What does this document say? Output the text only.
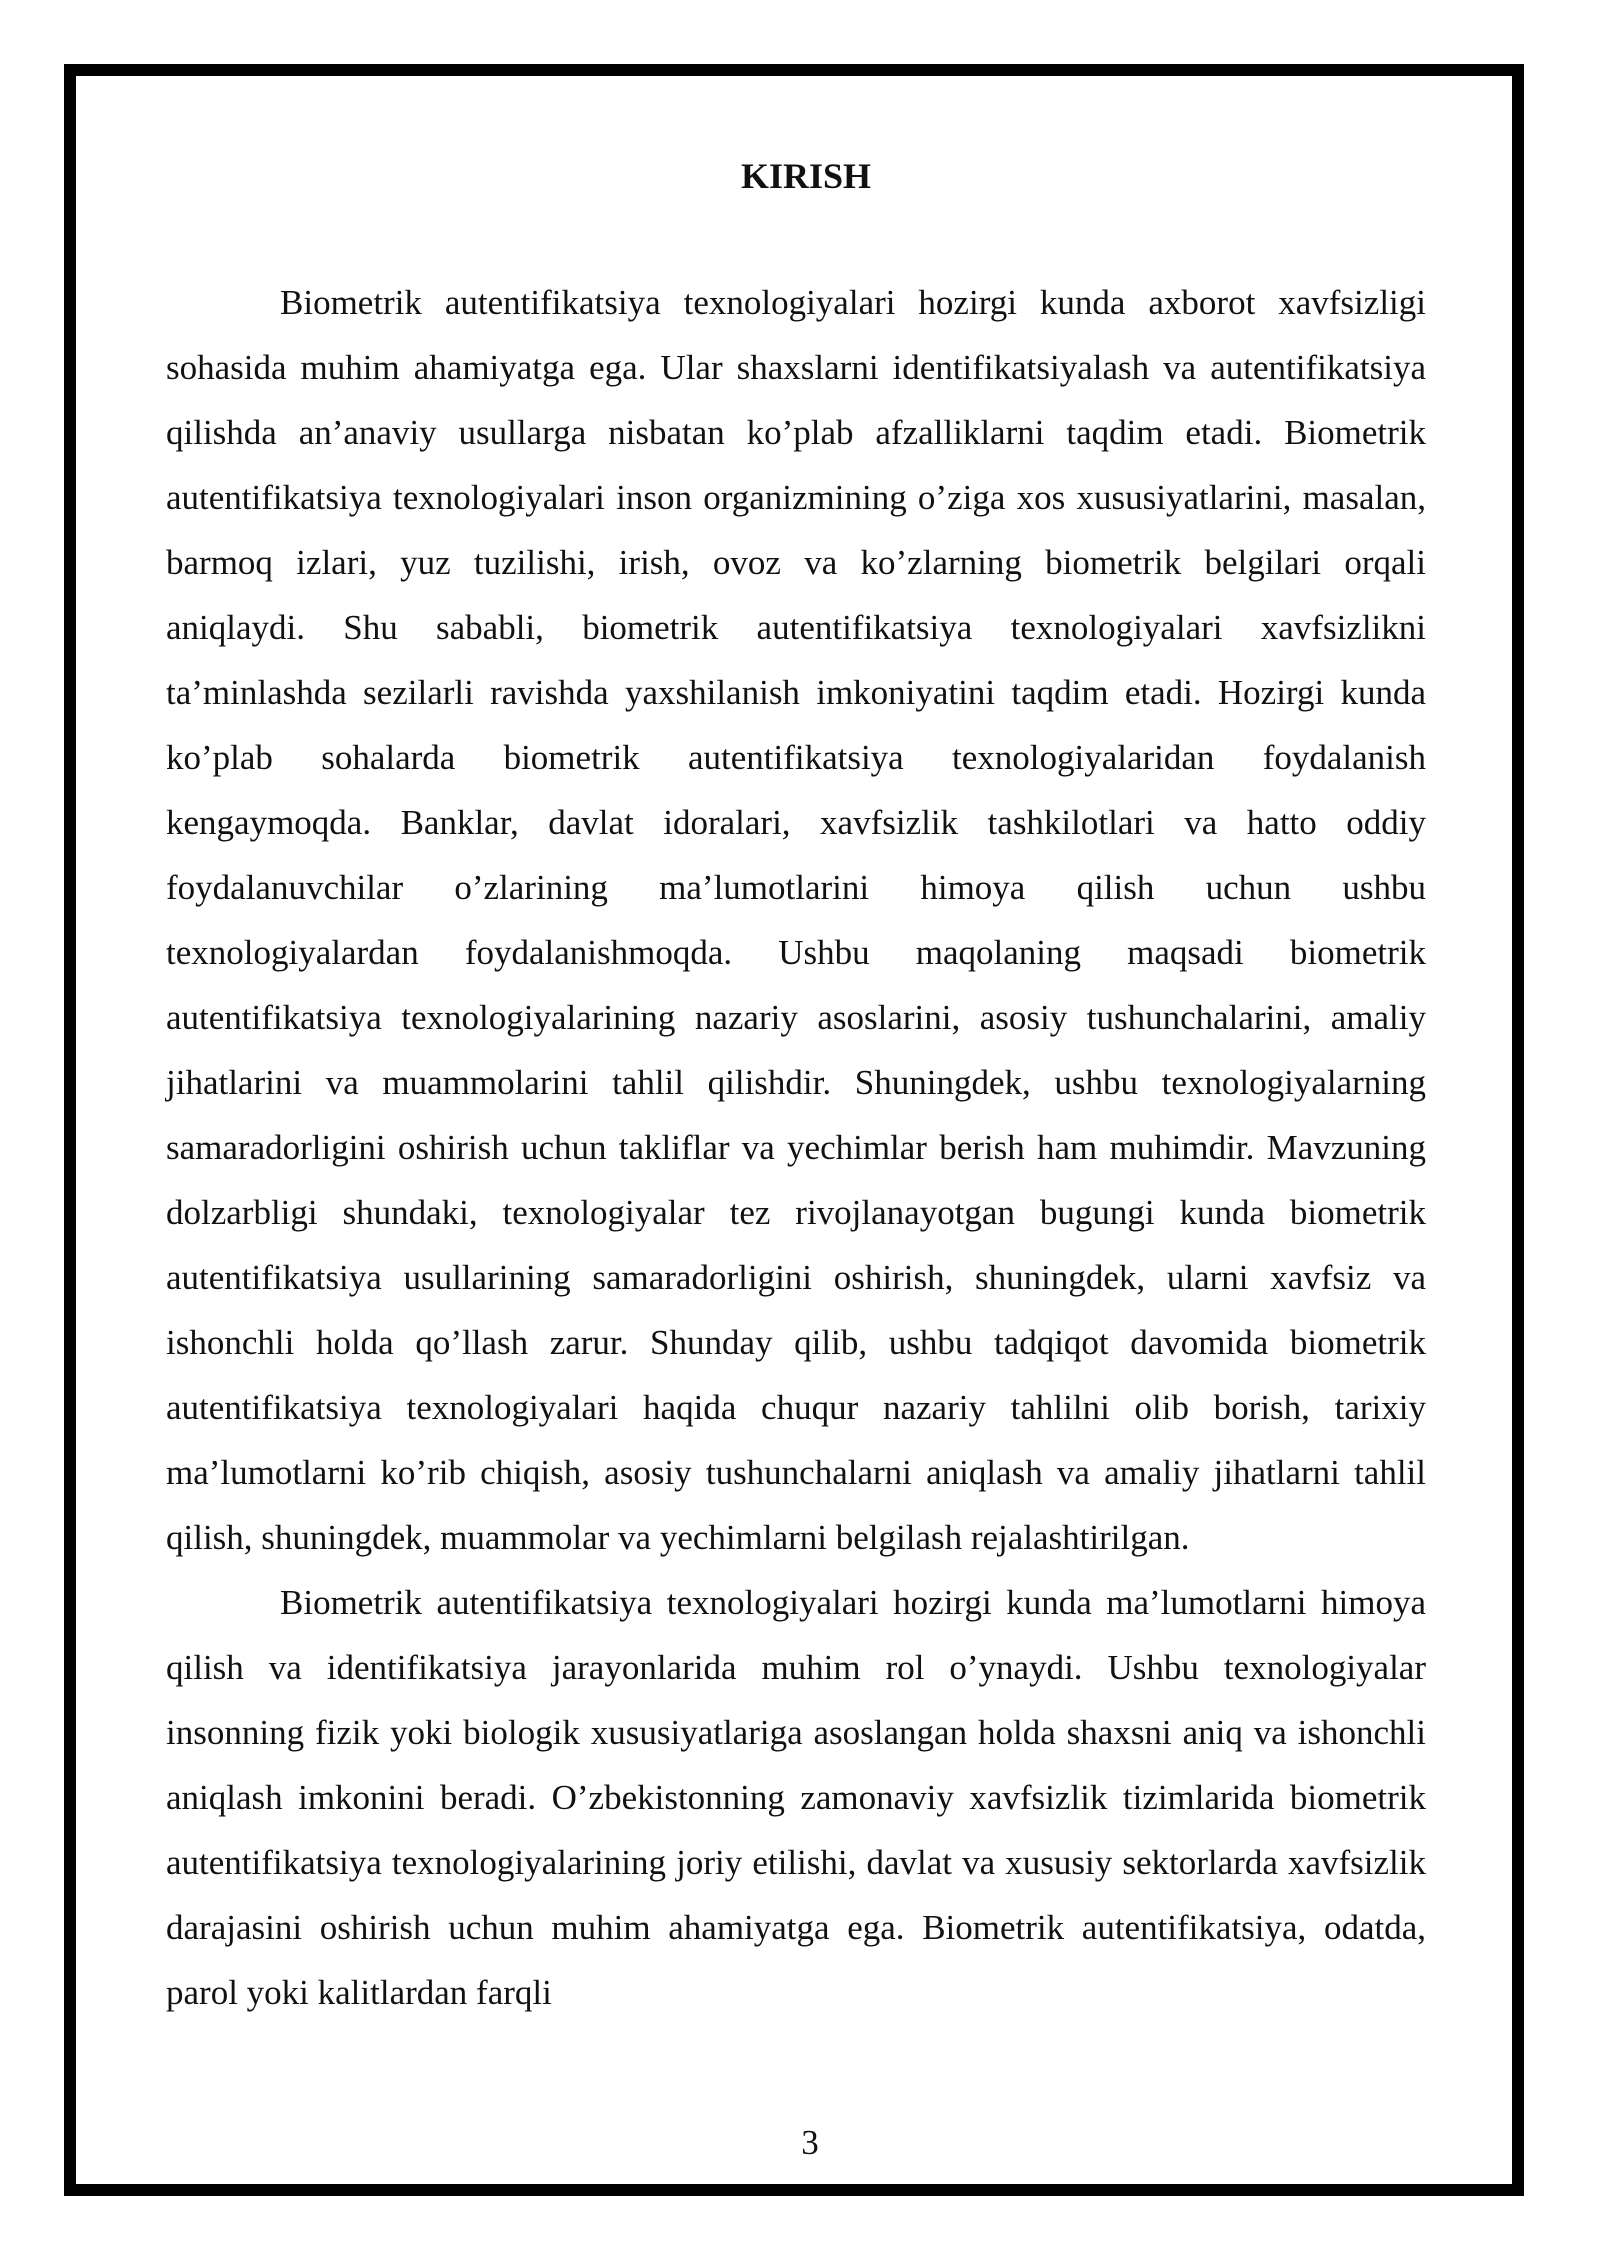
KIRISH

Biometrik autentifikatsiya texnologiyalari hozirgi kunda axborot xavfsizligi sohasida muhim ahamiyatga ega. Ular shaxslarni identifikatsiyalash va autentifikatsiya qilishda an’anaviy usullarga nisbatan ko’plab afzalliklarni taqdim etadi. Biometrik autentifikatsiya texnologiyalari inson organizmining o’ziga xos xususiyatlarini, masalan, barmoq izlari, yuz tuzilishi, irish, ovoz va ko’zlarning biometrik belgilari orqali aniqlaydi. Shu sababli, biometrik autentifikatsiya texnologiyalari xavfsizlikni ta’minlashda sezilarli ravishda yaxshilanish imkoniyatini taqdim etadi. Hozirgi kunda ko’plab sohalarda biometrik autentifikatsiya texnologiyalaridan foydalanish kengaymoqda. Banklar, davlat idoralari, xavfsizlik tashkilotlari va hatto oddiy foydalanuvchilar o’zlarining ma’lumotlarini himoya qilish uchun ushbu texnologiyalardan foydalanishmoqda. Ushbu maqolaning maqsadi biometrik autentifikatsiya texnologiyalarining nazariy asoslarini, asosiy tushunchalarini, amaliy jihatlarini va muammolarini tahlil qilishdir. Shuningdek, ushbu texnologiyalarning samaradorligini oshirish uchun takliflar va yechimlar berish ham muhimdir. Mavzuning dolzarbligi shundaki, texnologiyalar tez rivojlanayotgan bugungi kunda biometrik autentifikatsiya usullarining samaradorligini oshirish, shuningdek, ularni xavfsiz va ishonchli holda qo’llash zarur. Shunday qilib, ushbu tadqiqot davomida biometrik autentifikatsiya texnologiyalari haqida chuqur nazariy tahlilni olib borish, tarixiy ma’lumotlarni ko’rib chiqish, asosiy tushunchalarni aniqlash va amaliy jihatlarni tahlil qilish, shuningdek, muammolar va yechimlarni belgilash rejalashtirilgan.

Biometrik autentifikatsiya texnologiyalari hozirgi kunda ma’lumotlarni himoya qilish va identifikatsiya jarayonlarida muhim rol o’ynaydi. Ushbu texnologiyalar insonning fizik yoki biologik xususiyatlariga asoslangan holda shaxsni aniq va ishonchli aniqlash imkonini beradi. O’zbekistonning zamonaviy xavfsizlik tizimlarida biometrik autentifikatsiya texnologiyalarining joriy etilishi, davlat va xususiy sektorlarda xavfsizlik darajasini oshirish uchun muhim ahamiyatga ega. Biometrik autentifikatsiya, odatda, parol yoki kalitlardan farqli

3
